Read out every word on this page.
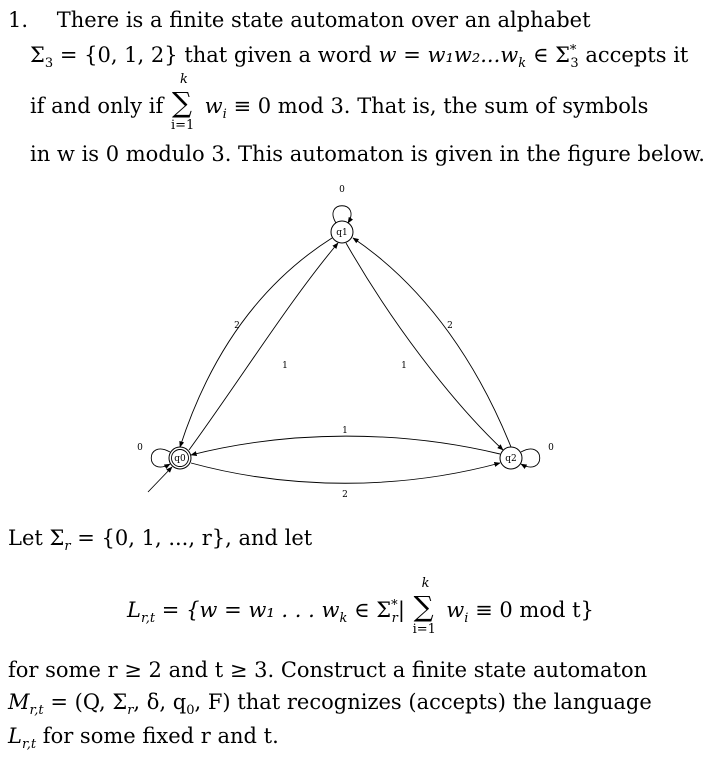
1. There is a finite state automaton over an alphabet
$\Sigma_3 = \{0$, 1, 2} that given a word $w = w_1w_2...w_k$ ∈ $\Sigma^*_3$ accepts it
if and only if
k
∑
i=1
$w_i \equiv 0$ mod 3. That is, the sum of symbols
in w is 0 modulo 3. This automaton is given in the figure below.
q1
q0	q2
0
0	0
2
1	1
2
1
2
Let $\Sigma_r = \{0$, 1, ..., r}, and let
$L_{r,t} = \{w = w_1$ . . . $w_k$ ∈ $\Sigma^*_r|$
k
∑
i=1
$w_i \equiv 0$ mod t}
for some r ≥ 2 and t ≥ 3. Construct a finite state automaton
$M_{r,t} = (Q$, $\Sigma_r$, δ, $q_0$, F) that recognizes (accepts) the language
$L_{r,t}$ for some fixed r and t.
